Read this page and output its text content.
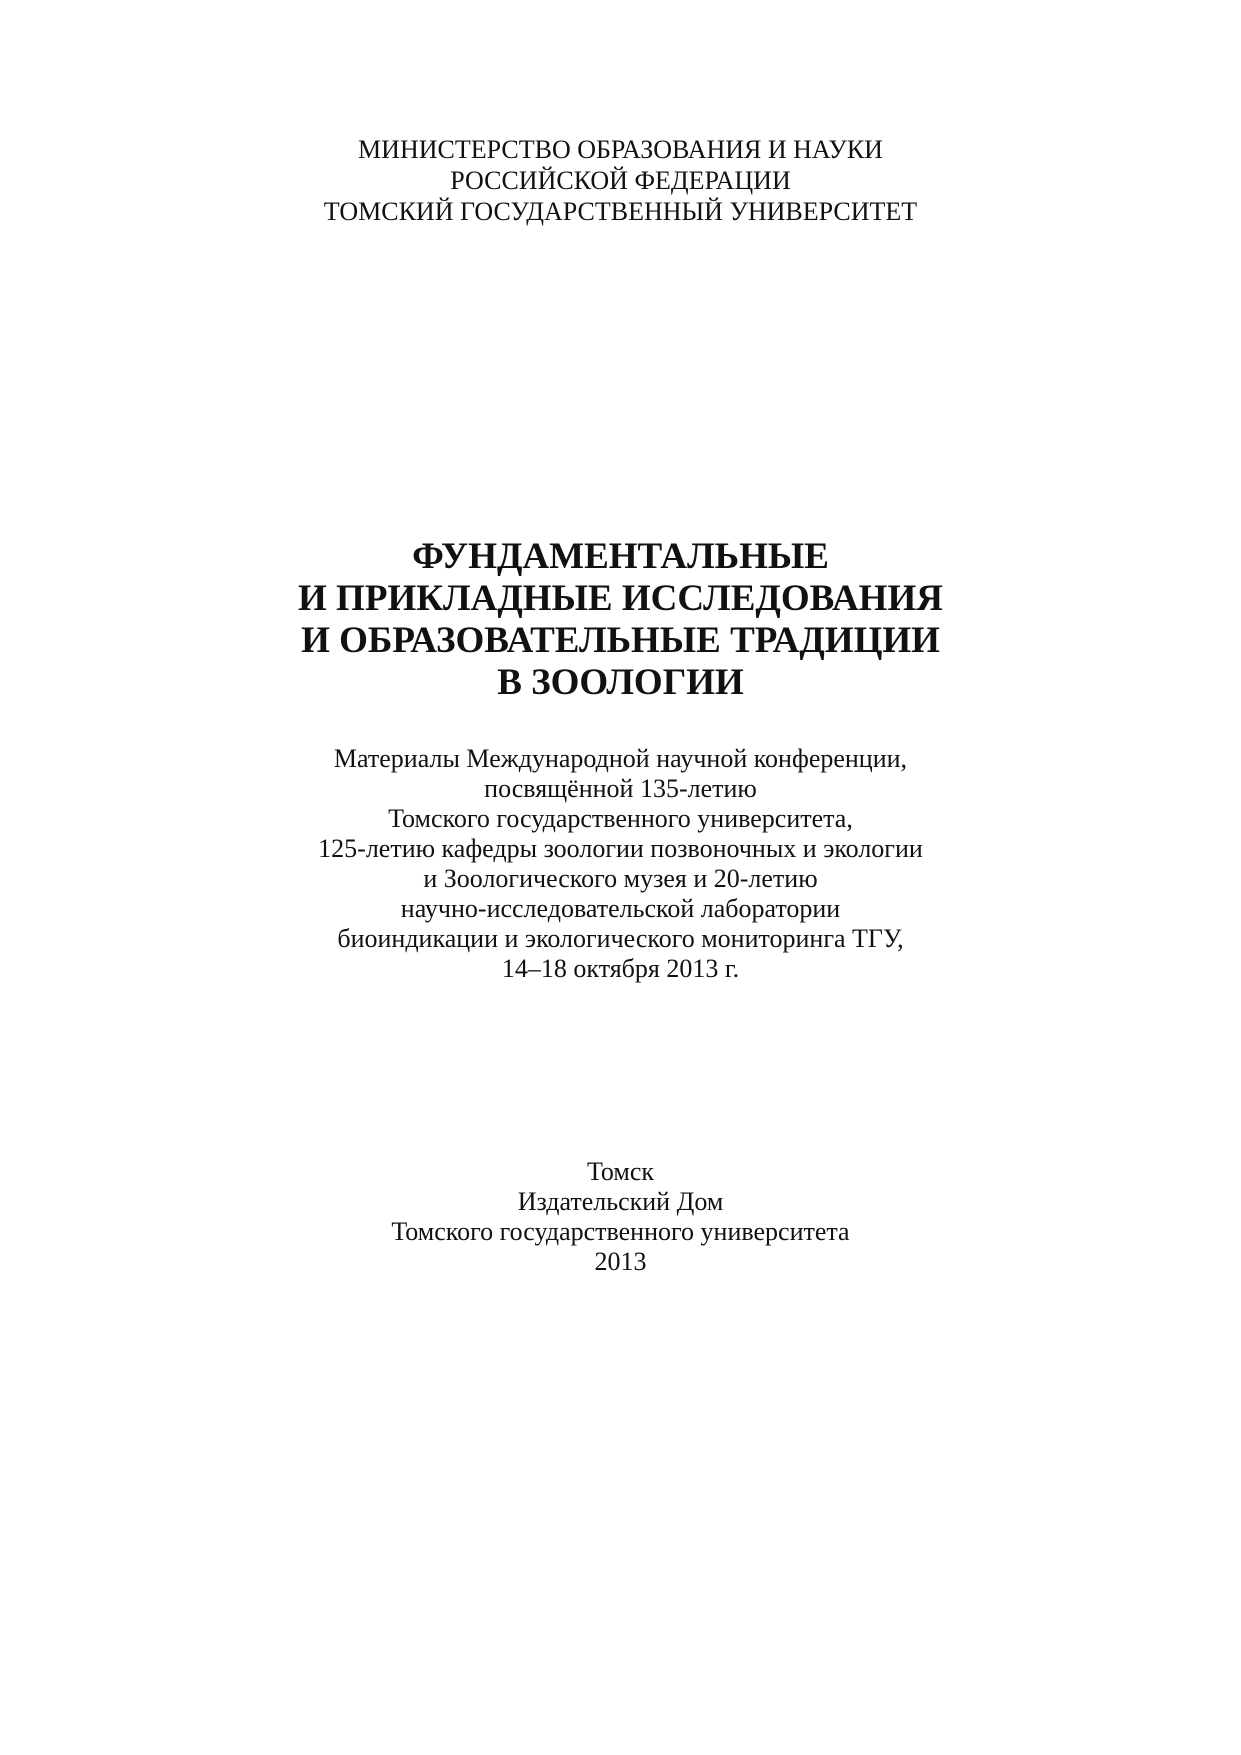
МИНИСТЕРСТВО ОБРАЗОВАНИЯ И НАУКИ
РОССИЙСКОЙ ФЕДЕРАЦИИ
ТОМСКИЙ ГОСУДАРСТВЕННЫЙ УНИВЕРСИТЕТ
ФУНДАМЕНТАЛЬНЫЕ
И ПРИКЛАДНЫЕ ИССЛЕДОВАНИЯ
И ОБРАЗОВАТЕЛЬНЫЕ ТРАДИЦИИ
В ЗООЛОГИИ
Материалы Международной научной конференции,
посвящённой 135-летию
Томского государственного университета,
125-летию кафедры зоологии позвоночных и экологии
и Зоологического музея и 20-летию
научно-исследовательской лаборатории
биоиндикации и экологического мониторинга ТГУ,
14–18 октября 2013 г.
Томск
Издательский Дом
Томского государственного университета
2013
